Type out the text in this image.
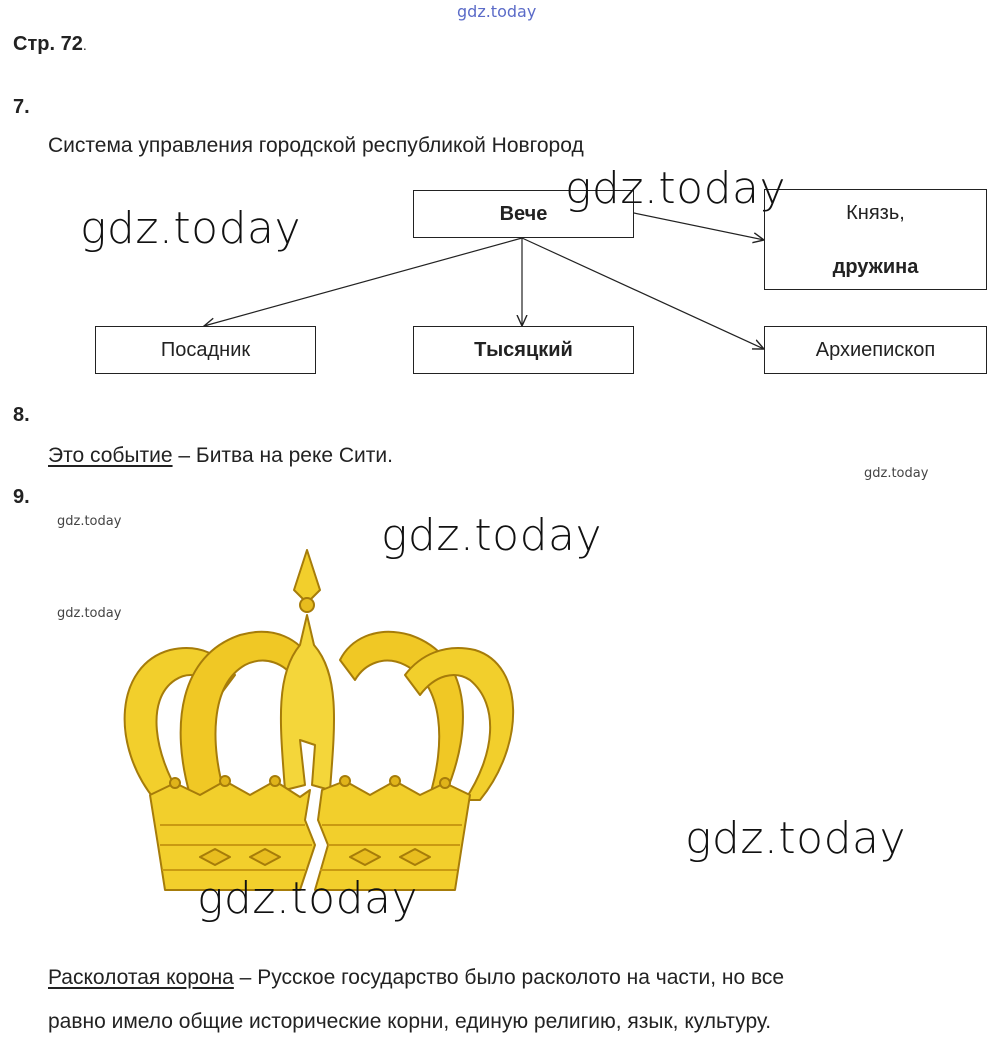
gdz.today
Стр. 72.
7.
Система управления городской республикой Новгород
Вече	Князь,
дружина
Посадник	Тысяцкий	Архиепископ
8.
Это событие – Битва на реке Сити.
9.
Расколотая корона – Русское государство было расколото на части, но все
равно имело общие исторические корни, единую религию, язык, культуру.
gdz.today
gdz.today
gdz.today
gdz.today
gdz.today
gdz.today
gdz.today
gdz.today
